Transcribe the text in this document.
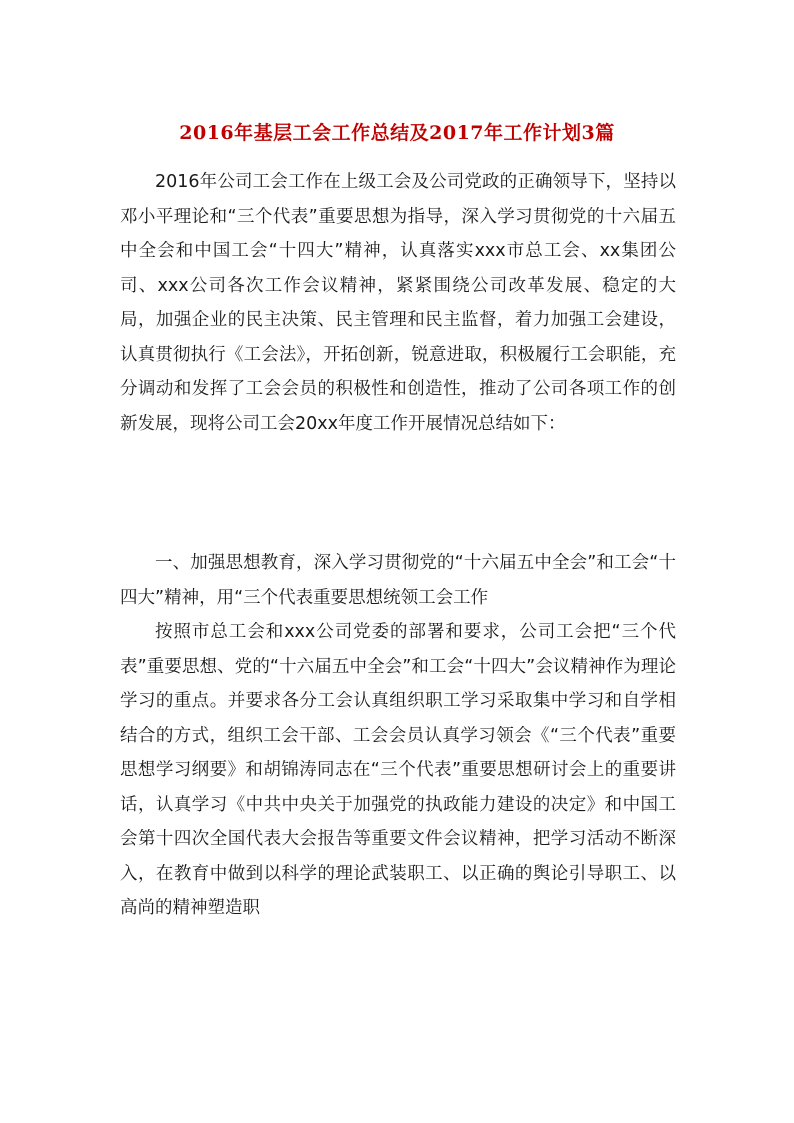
2016年基层工会工作总结及2017年工作计划3篇

2016年公司工会工作在上级工会及公司党政的正确领导下，坚持以邓小平理论和“三个代表”重要思想为指导，深入学习贯彻党的十六届五中全会和中国工会“十四大”精神，认真落实xxx市总工会、xx集团公司、xxx公司各次工作会议精神，紧紧围绕公司改革发展、稳定的大局，加强企业的民主决策、民主管理和民主监督，着力加强工会建设，认真贯彻执行《工会法》，开拓创新，锐意进取，积极履行工会职能，充分调动和发挥了工会会员的积极性和创造性，推动了公司各项工作的创新发展，现将公司工会20xx年度工作开展情况总结如下：

一、加强思想教育，深入学习贯彻党的“十六届五中全会”和工会“十四大”精神，用“三个代表重要思想统领工会工作

按照市总工会和xxx公司党委的部署和要求，公司工会把“三个代表”重要思想、党的“十六届五中全会”和工会“十四大”会议精神作为理论学习的重点。并要求各分工会认真组织职工学习采取集中学习和自学相结合的方式，组织工会干部、工会会员认真学习领会《“三个代表”重要思想学习纲要》和胡锦涛同志在“三个代表”重要思想研讨会上的重要讲话，认真学习《中共中央关于加强党的执政能力建设的决定》和中国工会第十四次全国代表大会报告等重要文件会议精神，把学习活动不断深入，在教育中做到以科学的理论武装职工、以正确的舆论引导职工、以高尚的精神塑造职
